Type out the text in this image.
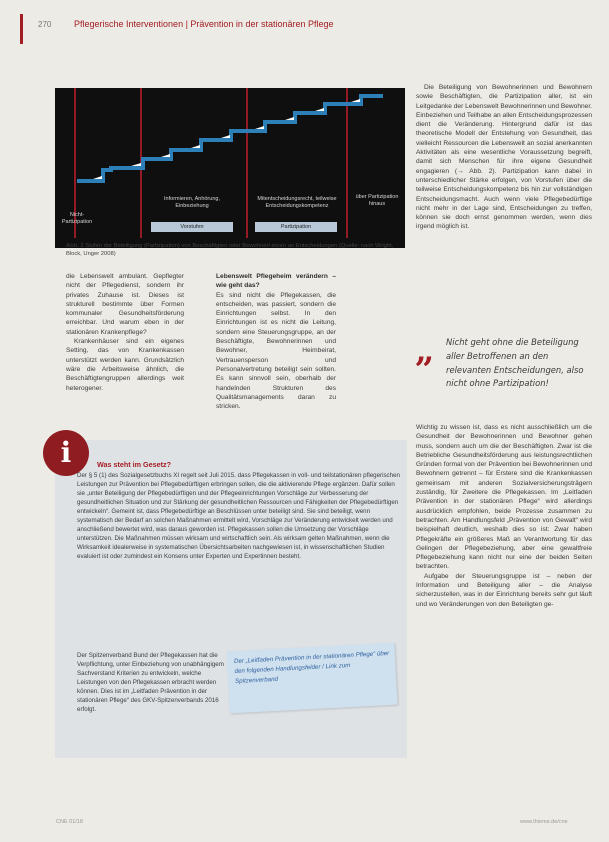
270	Pflegerische Interventionen | Prävention in der stationären Pflege
Nicht-Partizipation
Informieren, Anhörung, Einbeziehung
Mitentscheidungsrecht, teilweise Entscheidungskompetenz
über Partizipation hinaus
Vorstufen	Partizipation
Abb. 2 Stufen der Beteiligung (Partizipation) von Beschäftigten oder Bewohner/-innen an Entscheidungen (Quelle: nach Wright, Block, Unger 2008)

die Lebenswelt ambulant. Gepflegter nicht der Pflegedienst, sondern ihr privates Zuhause ist. Dieses ist strukturell bestimmte über Formen kommunaler Gesundheitsförderung erreichbar. Und warum eben in der stationären Krankenpflege?

Krankenhäuser sind ein eigenes Setting, das von Krankenkassen unterstützt werden kann. Grundsätzlich wäre die Arbeitsweise ähnlich, die Beschäftigtengruppen allerdings weit heterogener.

Lebenswelt Pflegeheim verändern – wie geht das?

Es sind nicht die Pflegekassen, die entscheiden, was passiert, sondern die Einrichtungen selbst. In den Einrichtungen ist es nicht die Leitung, sondern eine Steuerungsgruppe, an der Beschäftigte, Bewohnerinnen und Bewohner, Heimbeirat, Vertrauensperson und Personalvertretung beteiligt sein sollten. Es kann sinnvoll sein, oberhalb der handelnden Strukturen des Qualitätsmanagements daran zu stricken.

Die Beteiligung von Bewohnerinnen und Bewohnern sowie Beschäftigten, die Partizipation aller, ist ein Leitgedanke der Lebenswelt Bewohnerinnen und Bewohner. Einbeziehen und Teilhabe an allen Entscheidungsprozessen dient die Veränderung. Hintergrund dafür ist das theoretische Modell der Entstehung von Gesundheit, das vielleicht Ressourcen die Lebenswelt an sozial anerkannten Aktivitäten als eine wesentliche Voraussetzung begreift, damit sich Menschen für ihre eigene Gesundheit engagieren (→ Abb. 2). Partizipation kann dabei in unterschiedlicher Stärke erfolgen, von Vorstufen über die teilweise Entscheidungskompetenz bis hin zur vollständigen Entscheidungsmacht. Auch wenn viele Pflegebedürftige nicht mehr in der Lage sind, Entscheidungen zu treffen, können sie doch ernst genommen werden, wenn dies irgend möglich ist.

„ Nicht geht ohne die Beteiligung aller Betroffenen an den relevanten Entscheidungen, also nicht ohne Partizipation!

Wichtig zu wissen ist, dass es nicht ausschließlich um die Gesundheit der Bewohnerinnen und Bewohner gehen muss, sondern auch um die der Beschäftigten. Zwar ist die Betriebliche Gesundheitsförderung aus leistungsrechtlichen Gründen formal von der Prävention bei Bewohnerinnen und Bewohnern getrennt – für Erstere sind die Krankenkassen gemeinsam mit anderen Sozialversicherungsträgern zuständig, für Zweitere die Pflegekassen. Im „Leitfaden Prävention in der stationären Pflege“ wird allerdings ausdrücklich empfohlen, beide Prozesse zusammen zu betrachten. Am Handlungsfeld „Prävention von Gewalt“ wird beispielhaft deutlich, weshalb dies so ist: Zwar haben Pflegekräfte ein größeres Maß an Verantwortung für das Gelingen der Pflegebeziehung, aber eine gewaltfreie Pflegebeziehung kann nicht nur eine der beiden Seiten betrachten.

Aufgabe der Steuerungsgruppe ist – neben der Information und Beteiligung aller – die Analyse sicherzustellen, was in der Einrichtung bereits sehr gut läuft und wo Veränderungen von den Beteiligten ge-

i	Was steht im Gesetz?
Der § 5 (1) des Sozialgesetzbuchs XI regelt seit Juli 2015, dass Pflegekassen in voll- und teilstationären pflegerischen Leistungen zur Prävention bei Pflegebedürftigen erbringen sollen, die die aktivierende Pflege ergänzen. Dafür sollen sie „unter Beteiligung der Pflegebedürftigen und der Pflegeeinrichtungen Vorschläge zur Verbesserung der gesundheitlichen Situation und zur Stärkung der gesundheitlichen Ressourcen und Fähigkeiten der Pflegebedürftigen entwickeln“. Gemeint ist, dass Pflegebedürftige an Beschlüssen unter beteiligt sind. Sie sind beteiligt, wenn systematisch der Bedarf an solchen Maßnahmen ermittelt wird, Vorschläge zur Veränderung entwickelt werden und anschließend bewertet wird, was daraus geworden ist. Pflegekassen sollen die Umsetzung der Vorschläge unterstützen. Die Maßnahmen müssen wirksam und wirtschaftlich sein. Als wirksam gelten Maßnahmen, wenn die Wirksamkeit idealerweise in systematischen Übersichtsarbeiten nachgewiesen ist, in wissenschaftlichen Studien evaluiert ist oder zumindest ein Konsens unter Experten und Expertinnen besteht.
Der Spitzenverband Bund der Pflegekassen hat die Verpflichtung, unter Einbeziehung von unabhängigem Sachverstand Kriterien zu entwickeln, welche Leistungen von den Pflegekassen erbracht werden können. Dies ist im „Leitfaden Prävention in der stationären Pflege“ des GKV-Spitzenverbands 2016 erfolgt.
Der „Leitfaden Prävention in der stationären Pflege“ über den folgenden Handlungsfelder / Link zum Spitzenverband
CNE 01/18	www.thieme.de/cne
